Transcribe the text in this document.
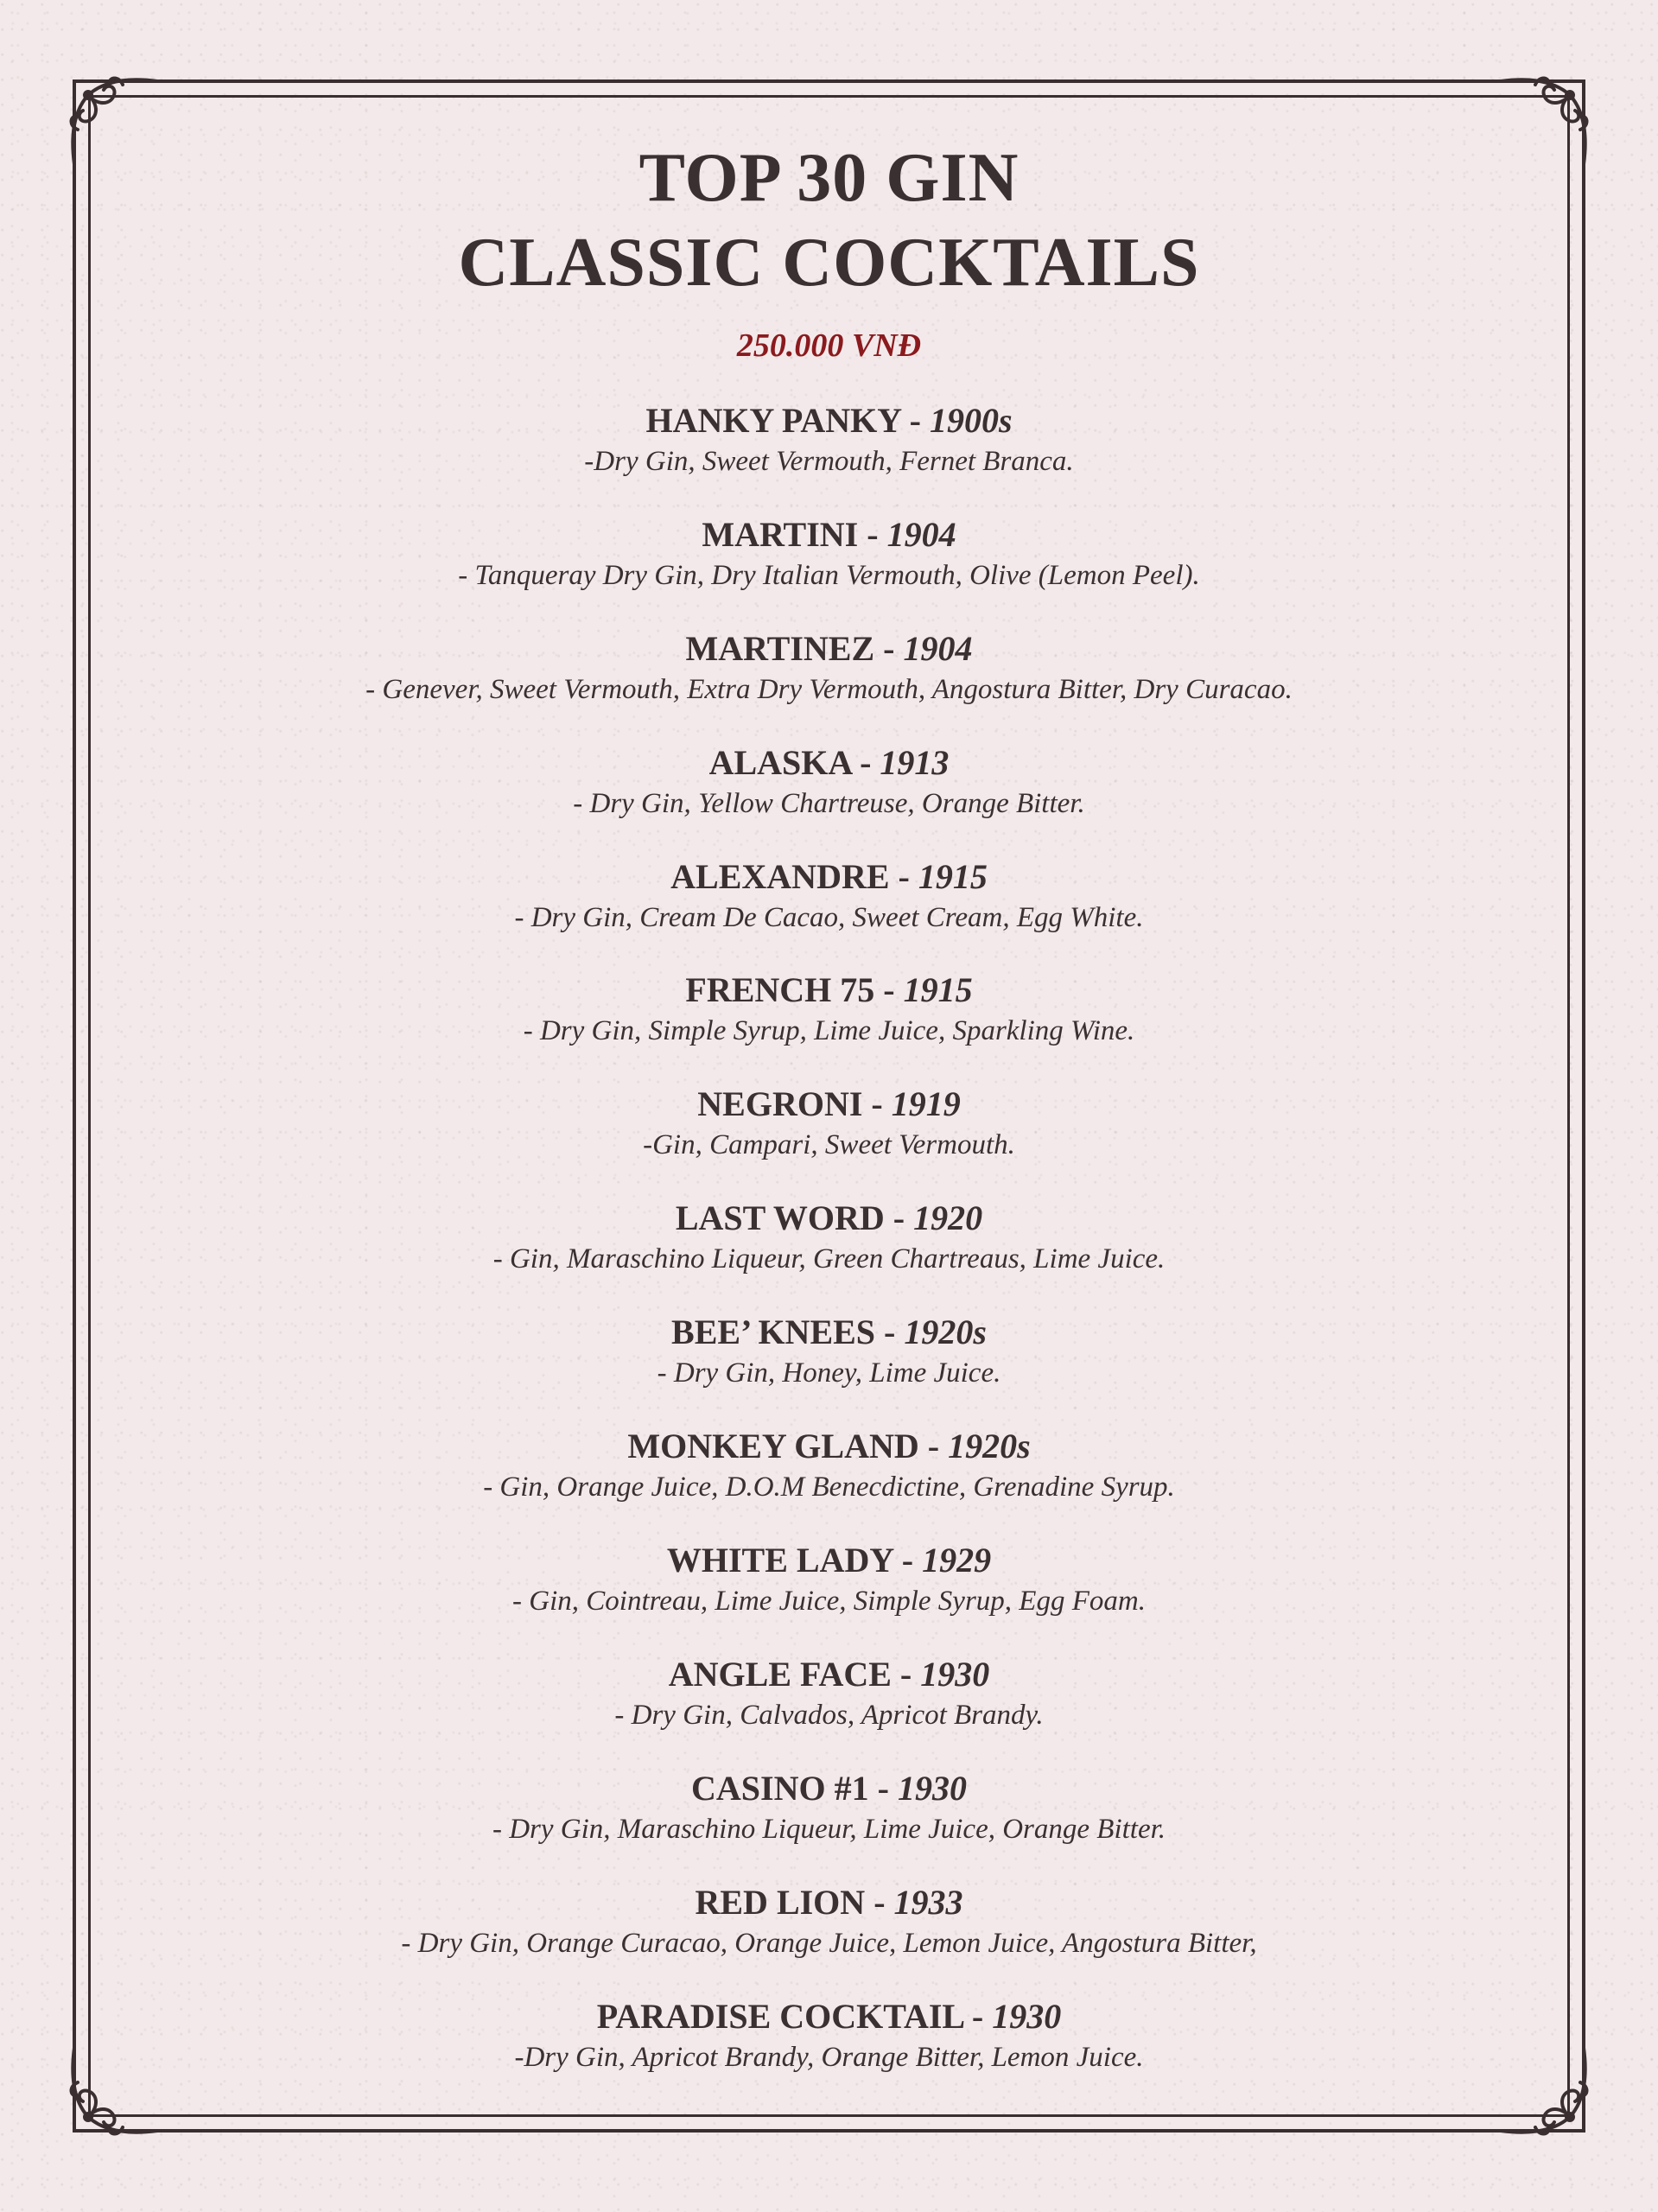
TOP 30 GIN
CLASSIC COCKTAILS
250.000 VNĐ
HANKY PANKY - 1900s
-Dry Gin, Sweet Vermouth, Fernet Branca.
MARTINI - 1904
- Tanqueray Dry Gin, Dry Italian Vermouth, Olive (Lemon Peel).
MARTINEZ - 1904
- Genever, Sweet Vermouth, Extra Dry Vermouth, Angostura Bitter, Dry Curacao.
ALASKA - 1913
- Dry Gin, Yellow Chartreuse, Orange Bitter.
ALEXANDRE - 1915
- Dry Gin, Cream De Cacao, Sweet Cream, Egg White.
FRENCH 75 - 1915
- Dry Gin, Simple Syrup, Lime Juice, Sparkling Wine.
NEGRONI - 1919
-Gin, Campari, Sweet Vermouth.
LAST WORD - 1920
- Gin, Maraschino Liqueur, Green Chartreaus, Lime Juice.
BEE’ KNEES - 1920s
- Dry Gin, Honey, Lime Juice.
MONKEY GLAND - 1920s
- Gin, Orange Juice, D.O.M Benecdictine, Grenadine Syrup.
WHITE LADY - 1929
- Gin, Cointreau, Lime Juice, Simple Syrup, Egg Foam.
ANGLE FACE - 1930
- Dry Gin, Calvados, Apricot Brandy.
CASINO #1 - 1930
- Dry Gin, Maraschino Liqueur, Lime Juice, Orange Bitter.
RED LION - 1933
- Dry Gin, Orange Curacao, Orange Juice, Lemon Juice, Angostura Bitter,
PARADISE COCKTAIL - 1930
-Dry Gin, Apricot Brandy, Orange Bitter, Lemon Juice.
